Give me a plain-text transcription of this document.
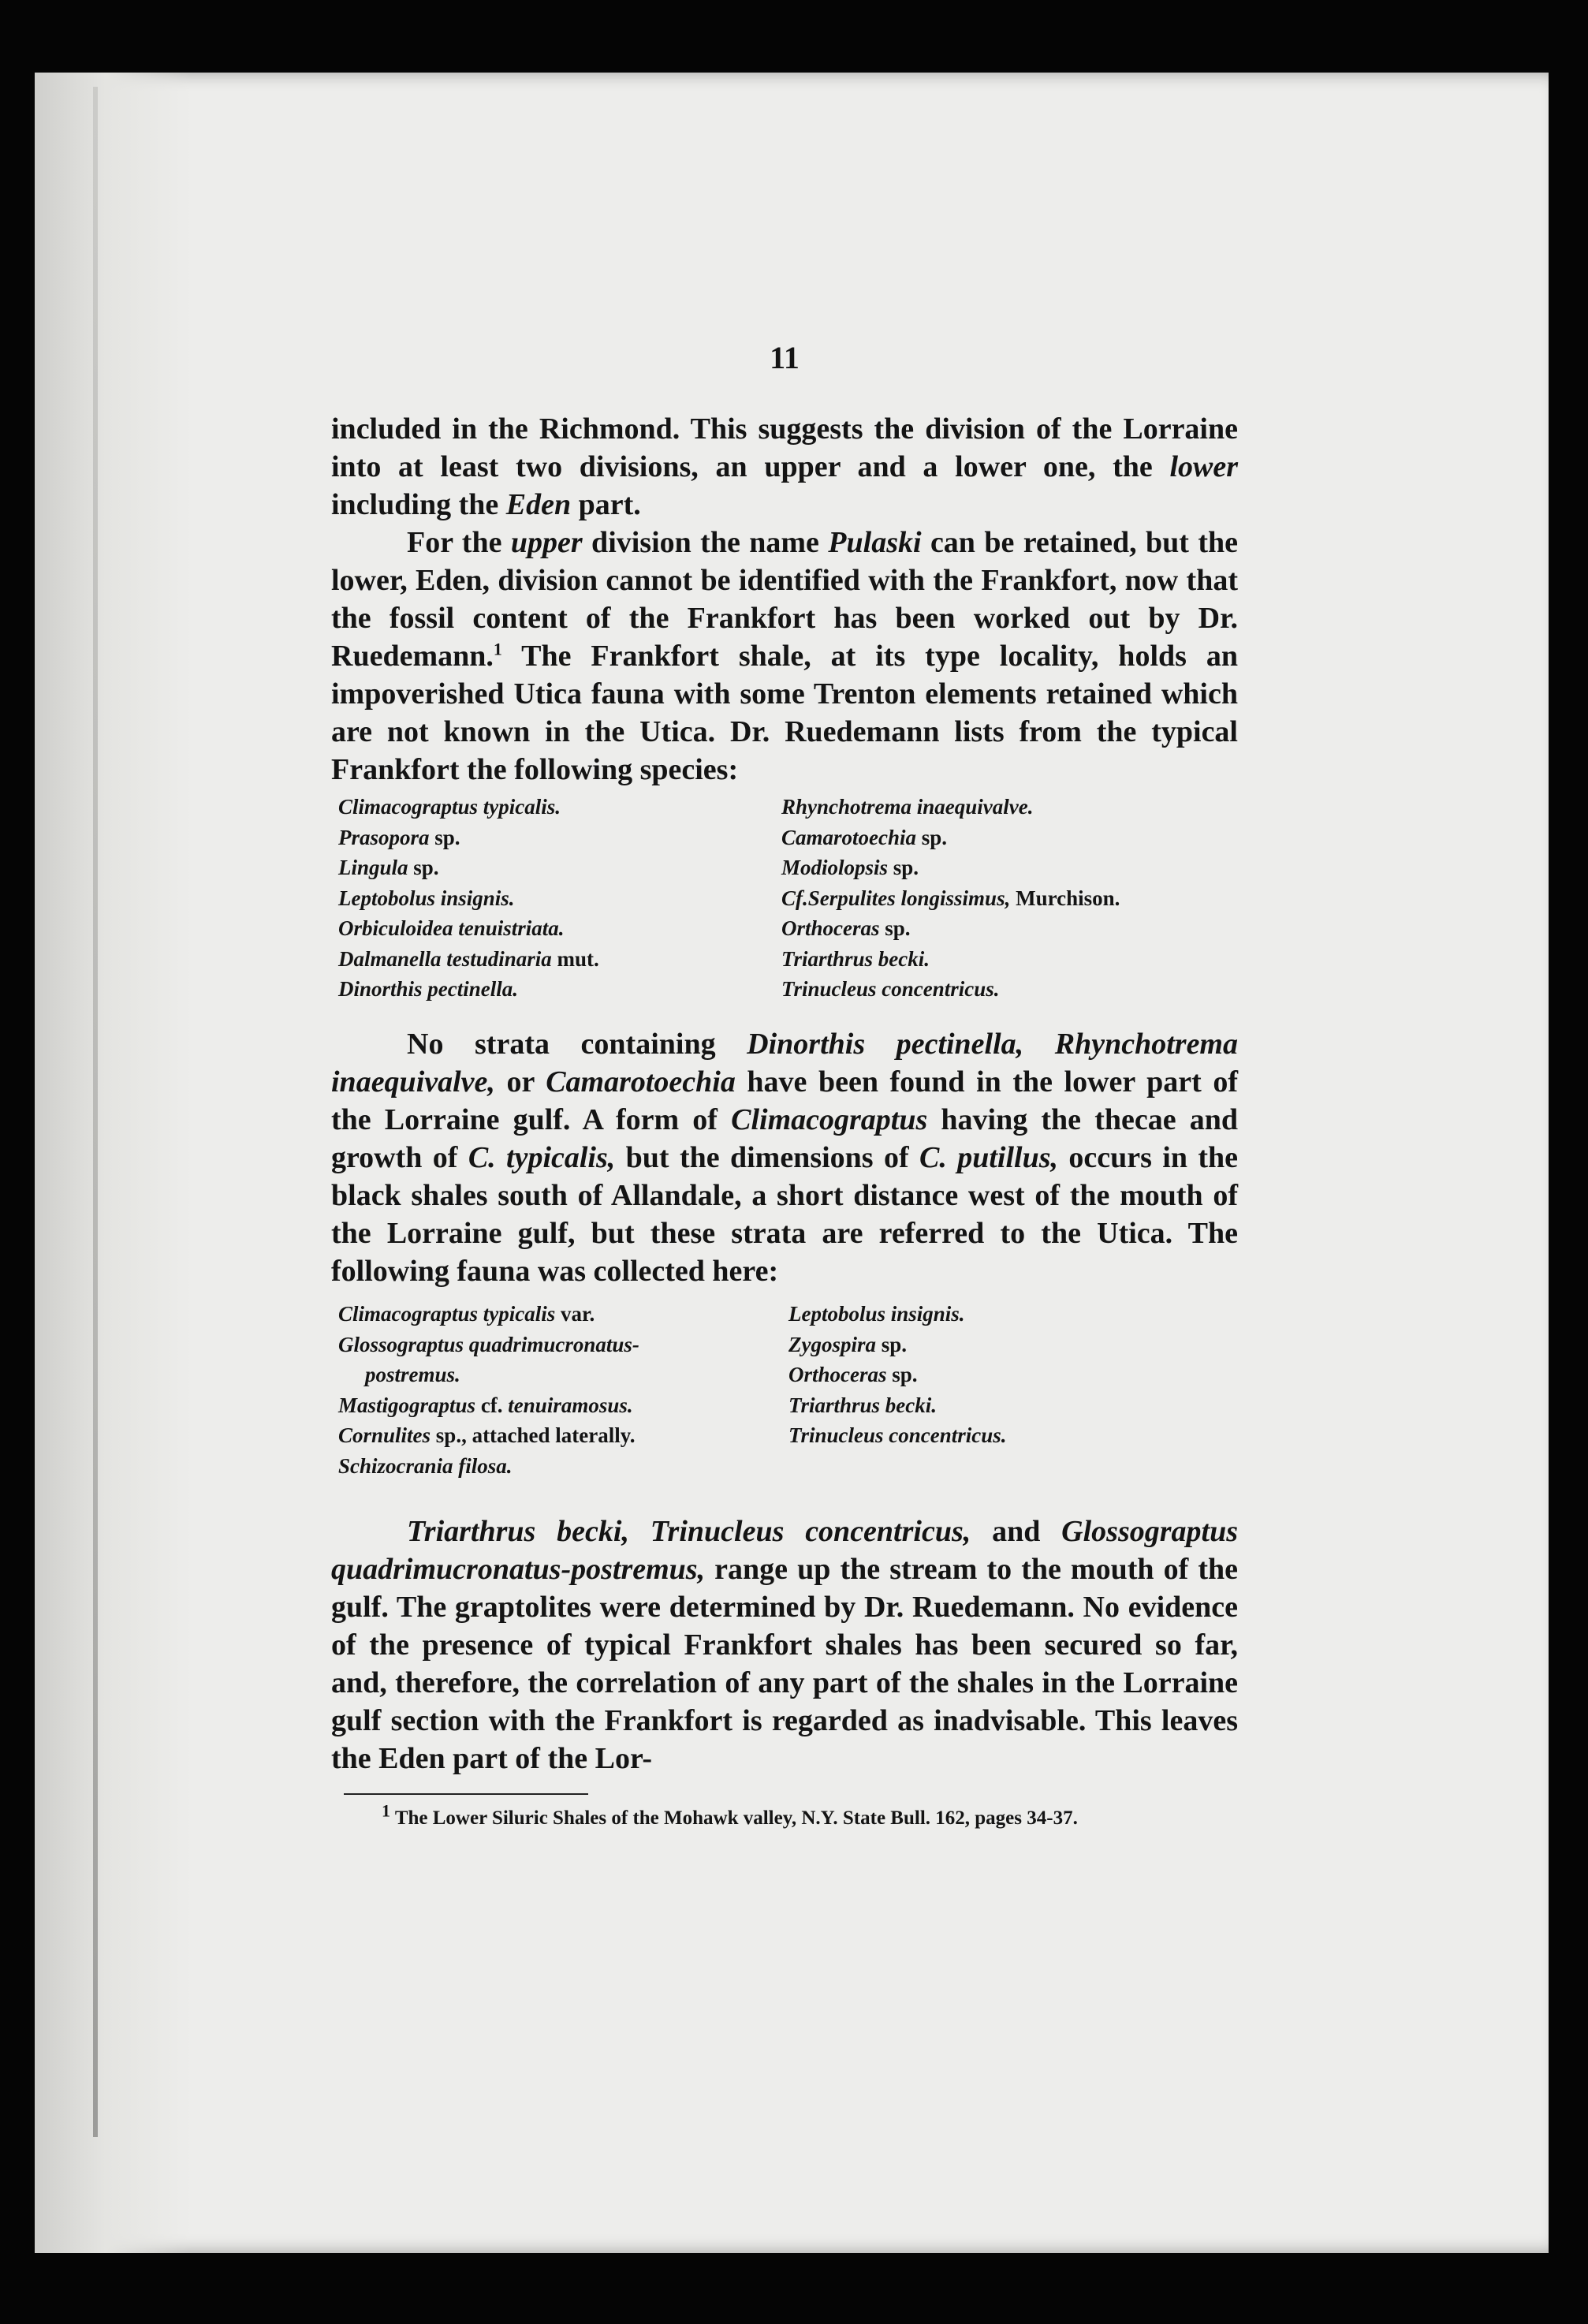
11

included in the Richmond. This suggests the division of the Lorraine into at least two divisions, an upper and a lower one, the lower including the Eden part.

For the upper division the name Pulaski can be retained, but the lower, Eden, division cannot be identified with the Frankfort, now that the fossil content of the Frankfort has been worked out by Dr. Ruedemann.$^1$ The Frankfort shale, at its type locality, holds an impoverished Utica fauna with some Trenton elements retained which are not known in the Utica. Dr. Ruedemann lists from the typical Frankfort the following species:

Climacograptus typicalis.
Prasopora sp.
Lingula sp.
Leptobolus insignis.
Orbiculoidea tenuistriata.
Dalmanella testudinaria mut.
Dinorthis pectinella.
Rhynchotrema inaequivalve.
Camarotoechia sp.
Modiolopsis sp.
Cf.Serpulites longissimus, Murchison.
Orthoceras sp.
Triarthrus becki.
Trinucleus concentricus.

No strata containing Dinorthis pectinella, Rhynchotrema inaequivalve, or Camarotoechia have been found in the lower part of the Lorraine gulf. A form of Climacograptus having the thecae and growth of C. typicalis, but the dimensions of C. putillus, occurs in the black shales south of Allandale, a short distance west of the mouth of the Lorraine gulf, but these strata are referred to the Utica. The following fauna was collected here:

Climacograptus typicalis var.
Glossograptus quadrimucronatus-
postremus.
Mastigograptus cf. tenuiramosus.
Cornulites sp., attached laterally.
Schizocrania filosa.
Leptobolus insignis.
Zygospira sp.
Orthoceras sp.
Triarthrus becki.
Trinucleus concentricus.

Triarthrus becki, Trinucleus concentricus, and Glossograptus quadrimucronatus-postremus, range up the stream to the mouth of the gulf. The graptolites were determined by Dr. Ruedemann. No evidence of the presence of typical Frankfort shales has been secured so far, and, therefore, the correlation of any part of the shales in the Lorraine gulf section with the Frankfort is regarded as inadvisable. This leaves the Eden part of the Lor-

$^1$ The Lower Siluric Shales of the Mohawk valley, N.Y. State Bull. 162, pages 34-37.
